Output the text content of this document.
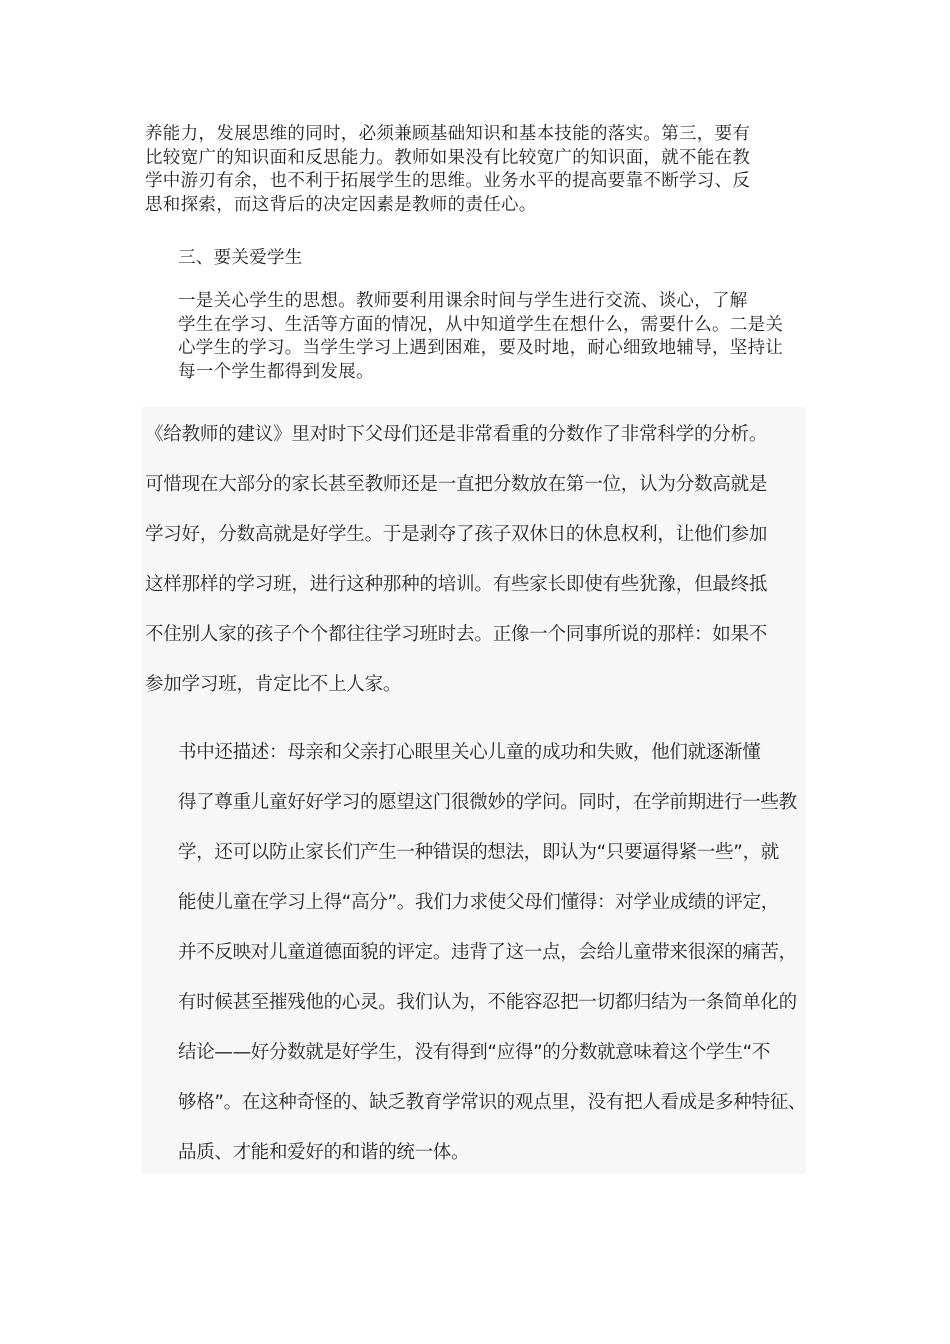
养能力，发展思维的同时，必须兼顾基础知识和基本技能的落实。第三，要有
比较宽广的知识面和反思能力。教师如果没有比较宽广的知识面，就不能在教
学中游刃有余，也不利于拓展学生的思维。业务水平的提高要靠不断学习、反
思和探索，而这背后的决定因素是教师的责任心。

三、要关爱学生

一是关心学生的思想。教师要利用课余时间与学生进行交流、谈心，了解
学生在学习、生活等方面的情况，从中知道学生在想什么，需要什么。二是关
心学生的学习。当学生学习上遇到困难，要及时地，耐心细致地辅导，坚持让
每一个学生都得到发展。

《给教师的建议》里对时下父母们还是非常看重的分数作了非常科学的分析。
可惜现在大部分的家长甚至教师还是一直把分数放在第一位，认为分数高就是
学习好，分数高就是好学生。于是剥夺了孩子双休日的休息权利，让他们参加
这样那样的学习班，进行这种那种的培训。有些家长即使有些犹豫，但最终抵
不住别人家的孩子个个都往往学习班时去。正像一个同事所说的那样：如果不
参加学习班，肯定比不上人家。

书中还描述：母亲和父亲打心眼里关心儿童的成功和失败，他们就逐渐懂
得了尊重儿童好好学习的愿望这门很微妙的学问。同时，在学前期进行一些教
学，还可以防止家长们产生一种错误的想法，即认为“只要逼得紧一些”，就
能使儿童在学习上得“高分”。我们力求使父母们懂得：对学业成绩的评定，
并不反映对儿童道德面貌的评定。违背了这一点，会给儿童带来很深的痛苦，
有时候甚至摧残他的心灵。我们认为，不能容忍把一切都归结为一条简单化的
结论——好分数就是好学生，没有得到“应得”的分数就意味着这个学生“不
够格”。在这种奇怪的、缺乏教育学常识的观点里，没有把人看成是多种特征、
品质、才能和爱好的和谐的统一体。
